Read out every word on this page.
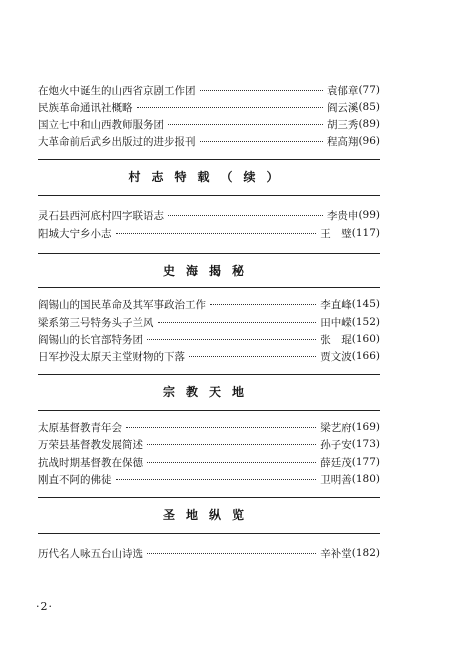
在炮火中诞生的山西省京剧工作团	袁郁章 (77)
民族革命通讯社概略	阎云溪 (85)
国立七中和山西教师服务团	胡三秀 (89)
大革命前后武乡出版过的进步报刊	程高翔 (96)
村志特载（续）
灵石县西河底村四字联语志	李贵申 (99)
阳城大宁乡小志	王　璧 (117)
史海揭秘
阎锡山的国民革命及其军事政治工作	李直峰 (145)
梁系第三号特务头子兰风	田中嵘 (152)
阎锡山的长官部特务团	张　琨 (160)
日军抄没太原天主堂财物的下落	贾文波 (166)
宗教天地
太原基督教青年会	梁艺府 (169)
万荣县基督教发展简述	孙子安 (173)
抗战时期基督教在保德	薛廷茂 (177)
刚直不阿的佛徒	卫明善 (180)
圣地纵览
历代名人咏五台山诗选	辛补堂 (182)
·2·
